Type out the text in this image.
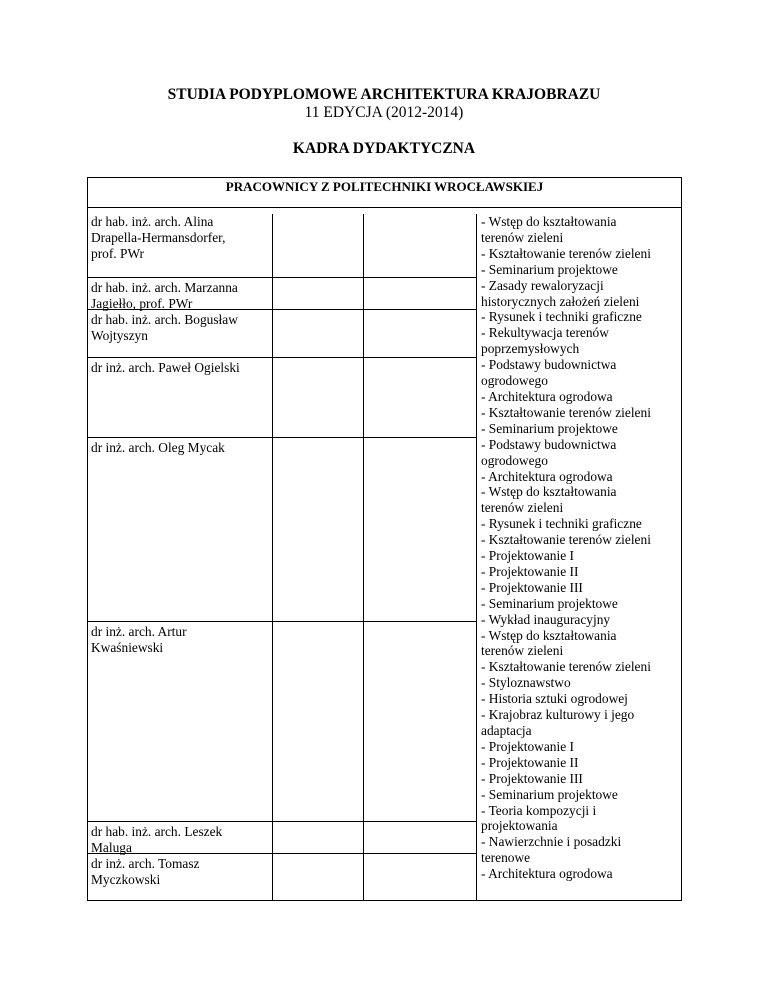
STUDIA PODYPLOMOWE ARCHITEKTURA KRAJOBRAZU
11 EDYCJA (2012-2014)
KADRA DYDAKTYCZNA
PRACOWNICY Z POLITECHNIKI WROCŁAWSKIEJ
dr hab. inż. arch. Alina
Drapella-Hermansdorfer,
prof. PWr
dr hab. inż. arch. Marzanna
Jagiełło, prof. PWr
dr hab. inż. arch. Bogusław
Wojtyszyn
dr inż. arch. Paweł Ogielski
dr inż. arch. Oleg Mycak
dr inż. arch. Artur
Kwaśniewski
dr hab. inż. arch. Leszek
Maluga
dr inż. arch. Tomasz
Myczkowski
- Wstęp do kształtowania
terenów zieleni
- Kształtowanie terenów zieleni
- Seminarium projektowe
- Zasady rewaloryzacji
historycznych założeń zieleni
- Rysunek i techniki graficzne
- Rekultywacja terenów
poprzemysłowych
- Podstawy budownictwa
ogrodowego
- Architektura ogrodowa
- Kształtowanie terenów zieleni
- Seminarium projektowe
- Podstawy budownictwa
ogrodowego
- Architektura ogrodowa
- Wstęp do kształtowania
terenów zieleni
- Rysunek i techniki graficzne
- Kształtowanie terenów zieleni
- Projektowanie I
- Projektowanie II
- Projektowanie III
- Seminarium projektowe
- Wykład inauguracyjny
- Wstęp do kształtowania
terenów zieleni
- Kształtowanie terenów zieleni
- Styloznawstwo
- Historia sztuki ogrodowej
- Krajobraz kulturowy i jego
adaptacja
- Projektowanie I
- Projektowanie II
- Projektowanie III
- Seminarium projektowe
- Teoria kompozycji i
projektowania
- Nawierzchnie i posadzki
terenowe
- Architektura ogrodowa
